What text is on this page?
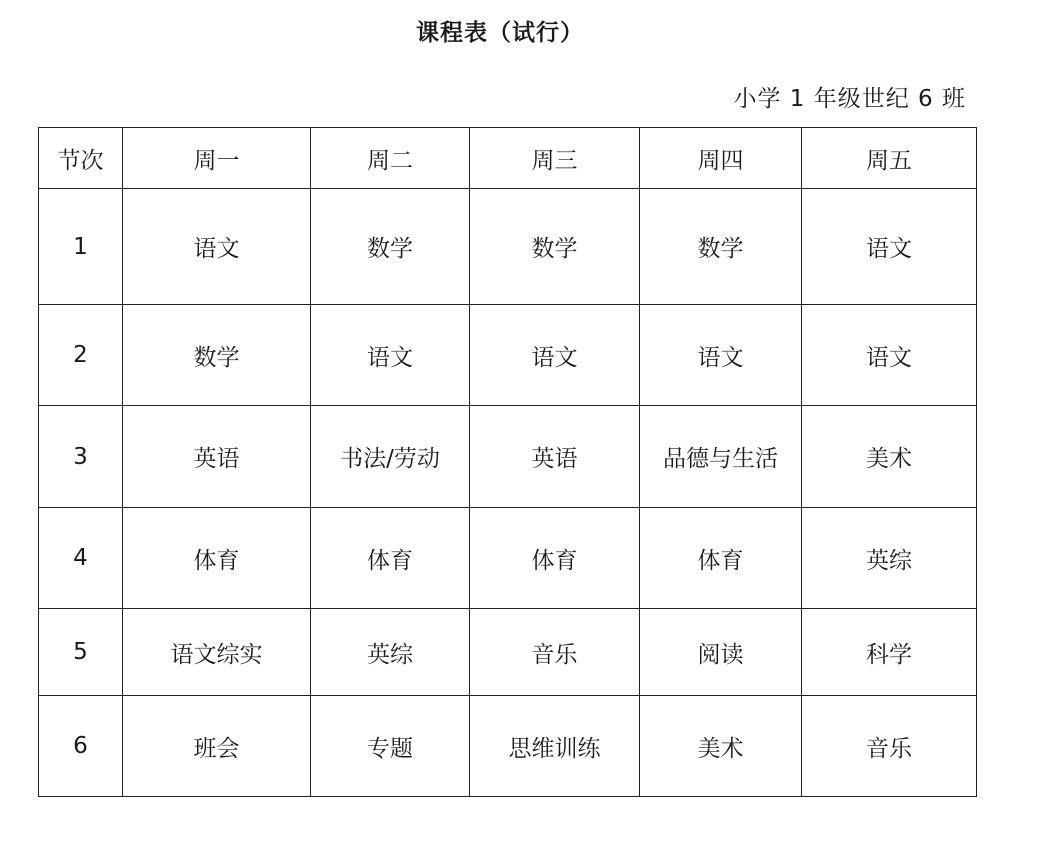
课程表（试行）
小学 1 年级世纪 6 班
节次	周一	周二	周三	周四	周五
1	语文	数学	数学	数学	语文
2	数学	语文	语文	语文	语文
3	英语	书法/劳动	英语	品德与生活	美术
4	体育	体育	体育	体育	英综
5	语文综实	英综	音乐	阅读	科学
6	班会	专题	思维训练	美术	音乐
